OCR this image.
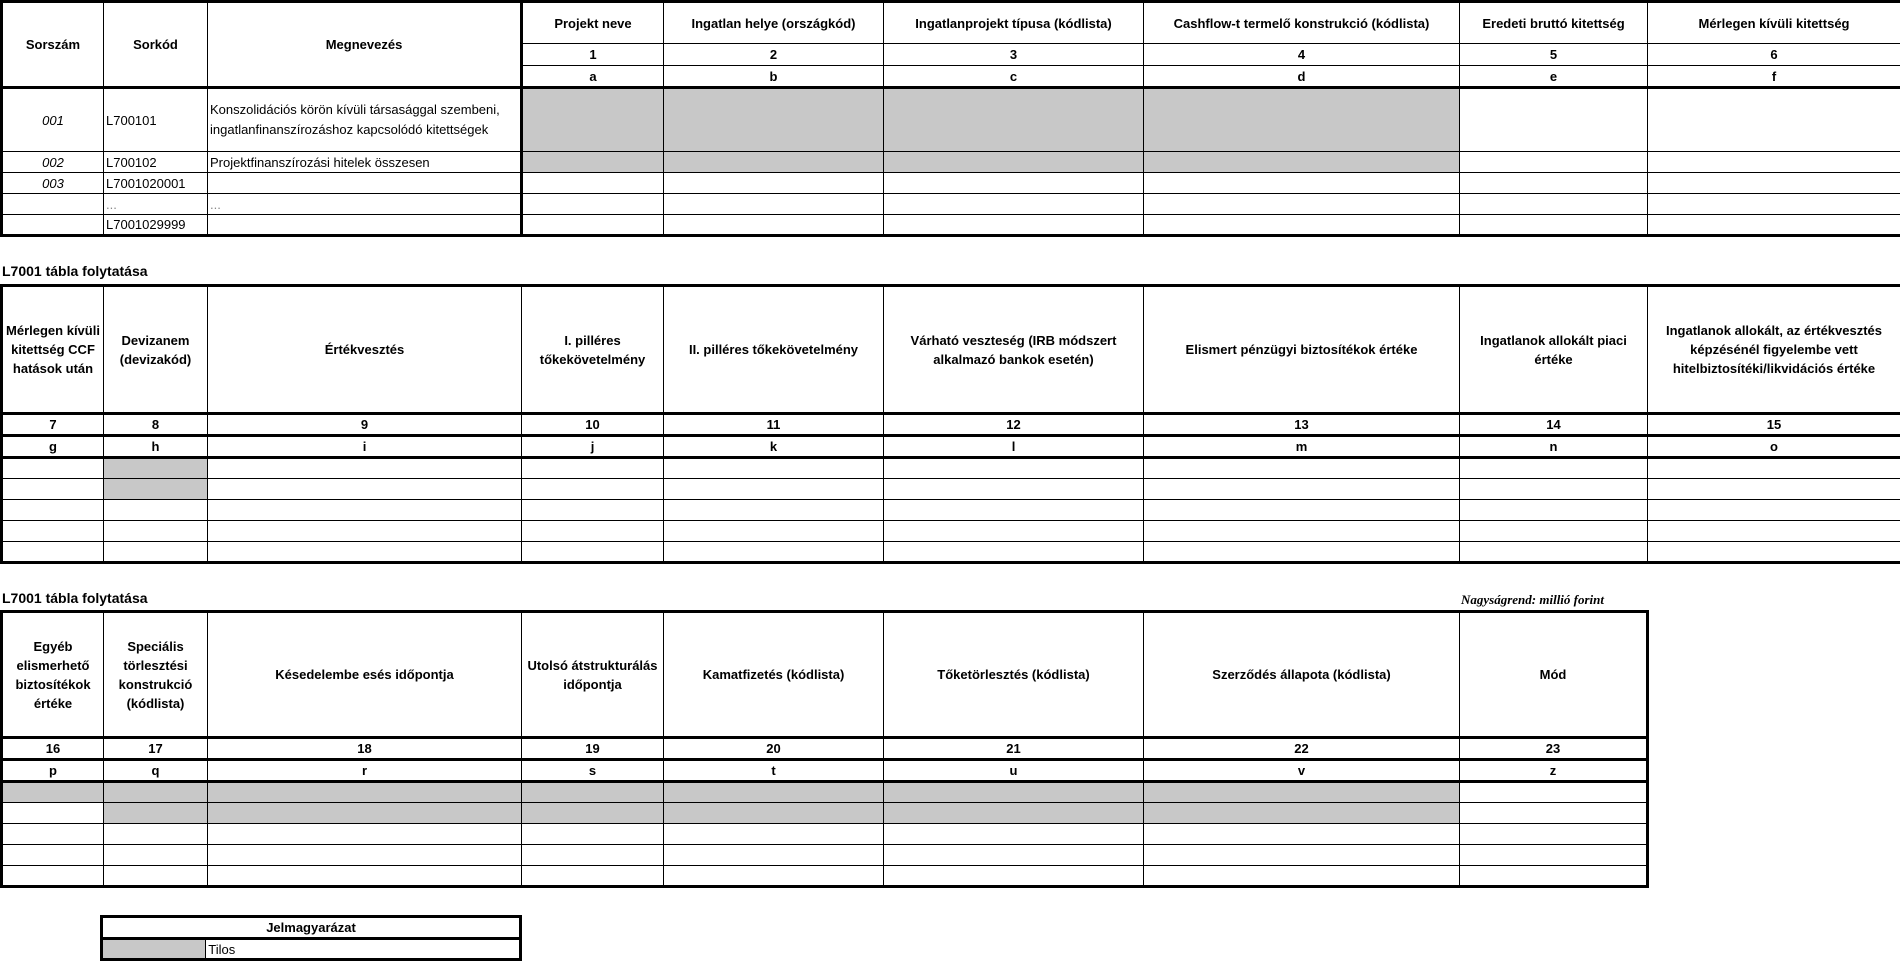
Sorszám	Sorkód	Megnevezés	Projekt neve	Ingatlan helye (országkód)	Ingatlanprojekt típusa (kódlista)	Cashflow-t termelő konstrukció (kódlista)	Eredeti bruttó kitettség	Mérlegen kívüli kitettség
			1	2	3	4	5	6
			a	b	c	d	e	f
001	L700101	Konszolidációs körön kívüli társasággal szembeni, ingatlanfinanszírozáshoz kapcsolódó kitettségek						
002	L700102	Projektfinanszírozási hitelek összesen						
003	L7001020001							
	...	...						
	L7001029999							
L7001 tábla folytatása
Mérlegen kívüli kitettség CCF hatások után	Devizanem (devizakód)	Értékvesztés	I. pilléres tőkekövetelmény	II. pilléres tőkekövetelmény	Várható veszteség (IRB módszert alkalmazó bankok esetén)	Elismert pénzügyi biztosítékok értéke	Ingatlanok allokált piaci értéke	Ingatlanok allokált, az értékvesztés képzésénél figyelembe vett hitelbiztosítéki/likvidációs értéke
7	8	9	10	11	12	13	14	15
g	h	i	j	k	l	m	n	o

L7001 tábla folytatása	Nagyságrend: millió forint
Egyéb elismerhető biztosítékok értéke	Speciális törlesztési konstrukció (kódlista)	Késedelembe esés időpontja	Utolsó átstrukturálás időpontja	Kamatfizetés (kódlista)	Tőketörlesztés (kódlista)	Szerződés állapota (kódlista)	Mód
16	17	18	19	20	21	22	23
p	q	r	s	t	u	v	z

Jelmagyarázat
	Tilos
